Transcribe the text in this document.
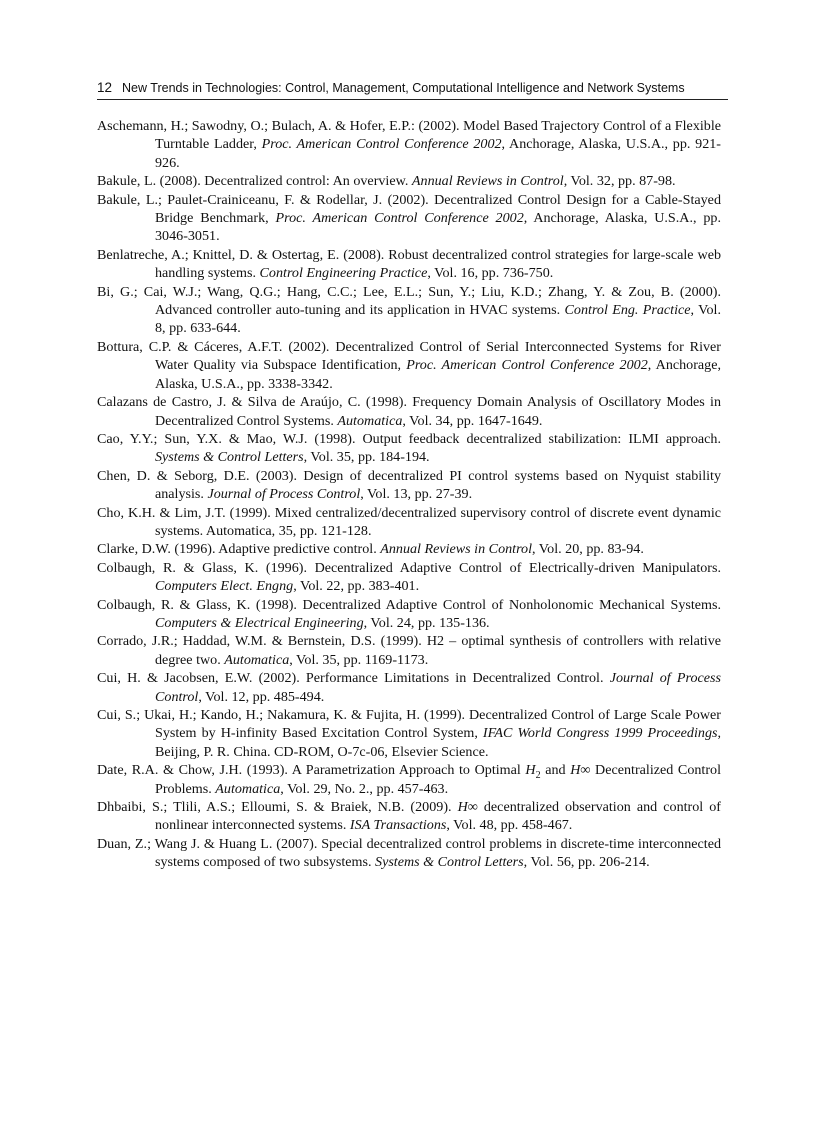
12 New Trends in Technologies: Control, Management, Computational Intelligence and Network Systems
Aschemann, H.; Sawodny, O.; Bulach, A. & Hofer, E.P.: (2002). Model Based Trajectory Control of a Flexible Turntable Ladder, Proc. American Control Conference 2002, Anchorage, Alaska, U.S.A., pp. 921-926.
Bakule, L. (2008). Decentralized control: An overview. Annual Reviews in Control, Vol. 32, pp. 87-98.
Bakule, L.; Paulet-Crainiceanu, F. & Rodellar, J. (2002). Decentralized Control Design for a Cable-Stayed Bridge Benchmark, Proc. American Control Conference 2002, Anchorage, Alaska, U.S.A., pp. 3046-3051.
Benlatreche, A.; Knittel, D. & Ostertag, E. (2008). Robust decentralized control strategies for large-scale web handling systems. Control Engineering Practice, Vol. 16, pp. 736-750.
Bi, G.; Cai, W.J.; Wang, Q.G.; Hang, C.C.; Lee, E.L.; Sun, Y.; Liu, K.D.; Zhang, Y. & Zou, B. (2000). Advanced controller auto-tuning and its application in HVAC systems. Control Eng. Practice, Vol. 8, pp. 633-644.
Bottura, C.P. & Cáceres, A.F.T. (2002). Decentralized Control of Serial Interconnected Systems for River Water Quality via Subspace Identification, Proc. American Control Conference 2002, Anchorage, Alaska, U.S.A., pp. 3338-3342.
Calazans de Castro, J. & Silva de Araújo, C. (1998). Frequency Domain Analysis of Oscillatory Modes in Decentralized Control Systems. Automatica, Vol. 34, pp. 1647-1649.
Cao, Y.Y.; Sun, Y.X. & Mao, W.J. (1998). Output feedback decentralized stabilization: ILMI approach. Systems & Control Letters, Vol. 35, pp. 184-194.
Chen, D. & Seborg, D.E. (2003). Design of decentralized PI control systems based on Nyquist stability analysis. Journal of Process Control, Vol. 13, pp. 27-39.
Cho, K.H. & Lim, J.T. (1999). Mixed centralized/decentralized supervisory control of discrete event dynamic systems. Automatica, 35, pp. 121-128.
Clarke, D.W. (1996). Adaptive predictive control. Annual Reviews in Control, Vol. 20, pp. 83-94.
Colbaugh, R. & Glass, K. (1996). Decentralized Adaptive Control of Electrically-driven Manipulators. Computers Elect. Engng, Vol. 22, pp. 383-401.
Colbaugh, R. & Glass, K. (1998). Decentralized Adaptive Control of Nonholonomic Mechanical Systems. Computers & Electrical Engineering, Vol. 24, pp. 135-136.
Corrado, J.R.; Haddad, W.M. & Bernstein, D.S. (1999). H2 – optimal synthesis of controllers with relative degree two. Automatica, Vol. 35, pp. 1169-1173.
Cui, H. & Jacobsen, E.W. (2002). Performance Limitations in Decentralized Control. Journal of Process Control, Vol. 12, pp. 485-494.
Cui, S.; Ukai, H.; Kando, H.; Nakamura, K. & Fujita, H. (1999). Decentralized Control of Large Scale Power System by H-infinity Based Excitation Control System, IFAC World Congress 1999 Proceedings, Beijing, P. R. China. CD-ROM, O-7c-06, Elsevier Science.
Date, R.A. & Chow, J.H. (1993). A Parametrization Approach to Optimal $H_2$ and H∞ Decentralized Control Problems. Automatica, Vol. 29, No. 2., pp. 457-463.
Dhbaibi, S.; Tlili, A.S.; Elloumi, S. & Braiek, N.B. (2009). H∞ decentralized observation and control of nonlinear interconnected systems. ISA Transactions, Vol. 48, pp. 458-467.
Duan, Z.; Wang J. & Huang L. (2007). Special decentralized control problems in discrete-time interconnected systems composed of two subsystems. Systems & Control Letters, Vol. 56, pp. 206-214.
